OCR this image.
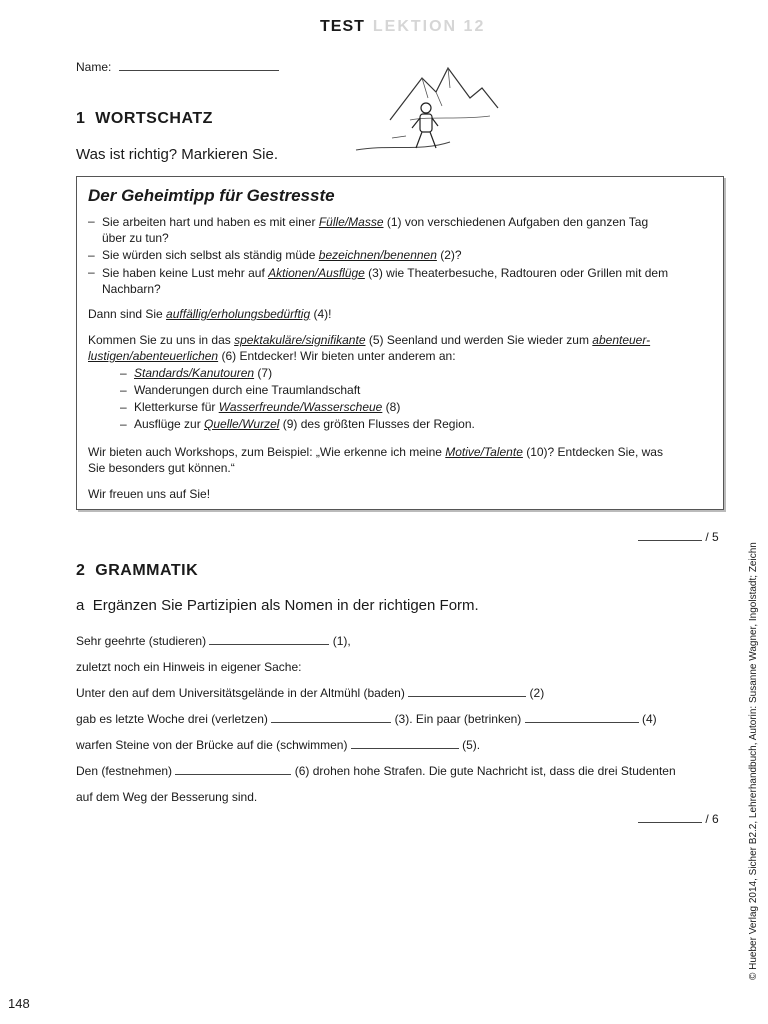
TEST LEKTION 12
Name:
1 WORTSCHATZ
Was ist richtig? Markieren Sie.
Der Geheimtipp für Gestresste
– Sie arbeiten hart und haben es mit einer Fülle/Masse (1) von verschiedenen Aufgaben den ganzen Tag
über zu tun?
– Sie würden sich selbst als ständig müde bezeichnen/benennen (2)?
– Sie haben keine Lust mehr auf Aktionen/Ausflüge (3) wie Theaterbesuche, Radtouren oder Grillen mit dem
Nachbarn?
Dann sind Sie auffällig/erholungsbedürftig (4)!
Kommen Sie zu uns in das spektakuläre/signifikante (5) Seenland und werden Sie wieder zum abenteuer-
lustigen/abenteuerlichen (6) Entdecker! Wir bieten unter anderem an:
– Standards/Kanutouren (7)
– Wanderungen durch eine Traumlandschaft
– Kletterkurse für Wasserfreunde/Wasserscheue (8)
– Ausflüge zur Quelle/Wurzel (9) des größten Flusses der Region.
Wir bieten auch Workshops, zum Beispiel: „Wie erkenne ich meine Motive/Talente (10)? Entdecken Sie, was
Sie besonders gut können.“
Wir freuen uns auf Sie!
/ 5
2 GRAMMATIK
a Ergänzen Sie Partizipien als Nomen in der richtigen Form.
Sehr geehrte (studieren)	(1),
zuletzt noch ein Hinweis in eigener Sache:
Unter den auf dem Universitätsgelände in der Altmühl (baden)	(2)
gab es letzte Woche drei (verletzen)	(3). Ein paar (betrinken)	(4)
warfen Steine von der Brücke auf die (schwimmen)	(5).
Den (festnehmen)	(6) drohen hohe Strafen. Die gute Nachricht ist, dass die drei Studenten
auf dem Weg der Besserung sind.
/ 6	© Hueber Verlag 2014, Sicher B2.2, Lehrerhandbuch, Autorin: Susanne Wagner, Ingolstadt; Zeichn
148
